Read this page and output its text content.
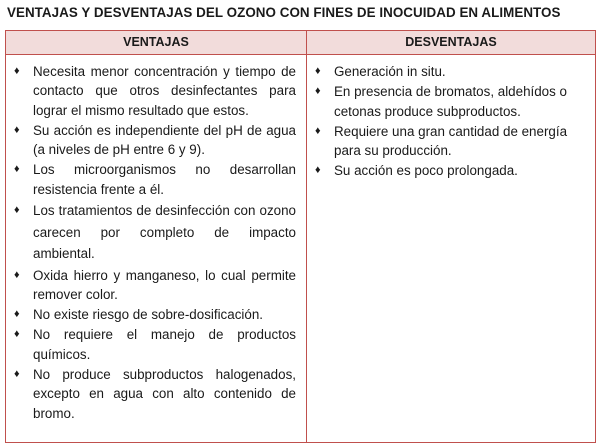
VENTAJAS Y DESVENTAJAS DEL OZONO CON FINES DE INOCUIDAD EN ALIMENTOS
VENTAJAS	DESVENTAJAS
♦ Necesita menor concentración y tiempo de contacto que otros desinfectantes para lograr el mismo resultado que estos.
♦ Su acción es independiente del pH de agua (a niveles de pH entre 6 y 9).
♦ Los microorganismos no desarrollan resistencia frente a él.
♦ Los tratamientos de desinfección con ozono carecen por completo de impacto ambiental.
♦ Oxida hierro y manganeso, lo cual permite remover color.
♦ No existe riesgo de sobre-dosificación.
♦ No requiere el manejo de productos químicos.
♦ No produce subproductos halogenados, excepto en agua con alto contenido de bromo.
♦ Generación in situ.
♦ En presencia de bromatos, aldehídos o cetonas produce subproductos.
♦ Requiere una gran cantidad de energía para su producción.
♦ Su acción es poco prolongada.
